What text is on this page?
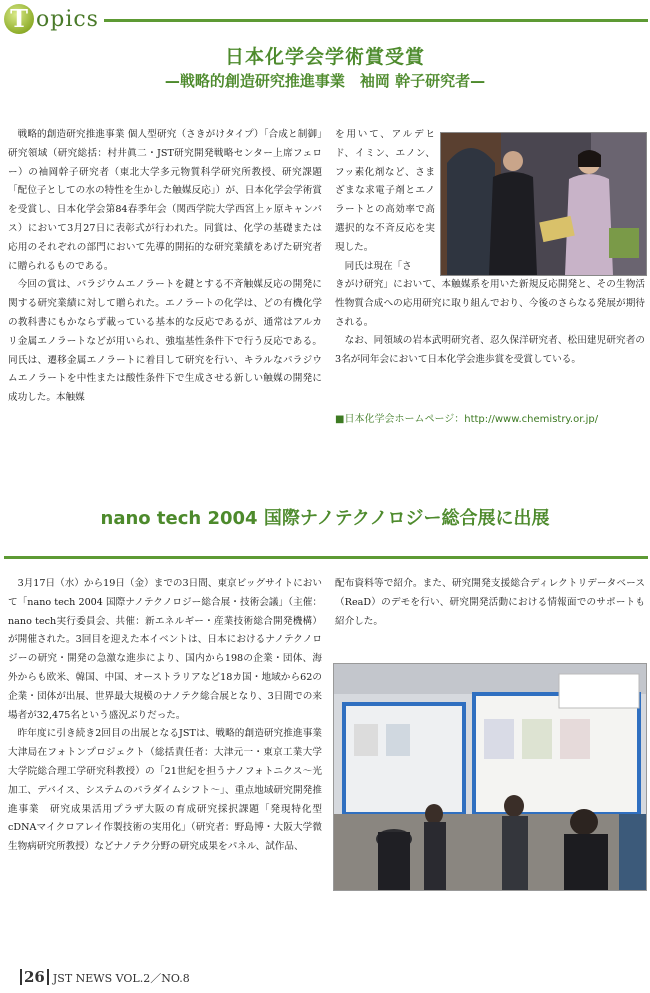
T opics
日本化学会学術賞受賞
—戦略的創造研究推進事業　袖岡 幹子研究者—

戦略的創造研究推進事業 個人型研究（さきがけタイプ）「合成と制御」研究領域（研究総括：村井眞二・JST研究開発戦略センター上席フェロー）の袖岡幹子研究者（東北大学多元物質科学研究所教授、研究課題「配位子としての水の特性を生かした触媒反応」）が、日本化学会学術賞を受賞し、日本化学会第84春季年会（関西学院大学西宮上ヶ原キャンパス）において3月27日に表彰式が行われた。同賞は、化学の基礎または応用のそれぞれの部門において先導的開拓的な研究業績をあげた研究者に贈られるものである。

今回の賞は、パラジウムエノラートを鍵とする不斉触媒反応の開発に関する研究業績に対して贈られた。エノラートの化学は、どの有機化学の教科書にもかならず載っている基本的な反応であるが、通常はアルカリ金属エノラートなどが用いられ、強塩基性条件下で行う反応である。同氏は、遷移金属エノラートに着目して研究を行い、キラルなパラジウムエノラートを中性または酸性条件下で生成させる新しい触媒の開発に成功した。本触媒

を用いて、アルデヒド、イミン、エノン、フッ素化剤など、さまざまな求電子剤とエノラートとの高効率で高選択的な不斉反応を実現した。

同氏は現在「さ

きがけ研究」において、本触媒系を用いた新規反応開発と、その生物活性物質合成への応用研究に取り組んでおり、今後のさらなる発展が期待される。

なお、同領域の岩本武明研究者、忍久保洋研究者、松田建児研究者の3名が同年会において日本化学会進歩賞を受賞している。

■日本化学会ホームページ：http://www.chemistry.or.jp/
nano tech 2004 国際ナノテクノロジー総合展に出展

3月17日（水）から19日（金）までの3日間、東京ビッグサイトにおいて「nano tech 2004 国際ナノテクノロジー総合展・技術会議」（主催：nano tech実行委員会、共催：新エネルギー・産業技術総合開発機構）が開催された。3回目を迎えた本イベントは、日本におけるナノテクノロジーの研究・開発の急激な進歩により、国内から198の企業・団体、海外からも欧米、韓国、中国、オーストラリアなど18カ国・地域から62の企業・団体が出展、世界最大規模のナノテク総合展となり、3日間での来場者が32,475名という盛況ぶりだった。

昨年度に引き続き2回目の出展となるJSTは、戦略的創造研究推進事業　大津局在フォトンプロジェクト（総括責任者：大津元一・東京工業大学大学院総合理工学研究科教授）の「21世紀を担うナノフォトニクス～光加工、デバイス、システムのパラダイムシフト～」、重点地域研究開発推進事業　研究成果活用プラザ大阪の育成研究採択課題「発現特化型cDNAマイクロアレイ作製技術の実用化」（研究者：野島博・大阪大学微生物病研究所教授）などナノテク分野の研究成果をパネル、試作品、

配布資料等で紹介。また、研究開発支援総合ディレクトリデータベース（ReaD）のデモを行い、研究開発活動における情報面でのサポートも紹介した。

26 JST NEWS VOL.2／NO.8
